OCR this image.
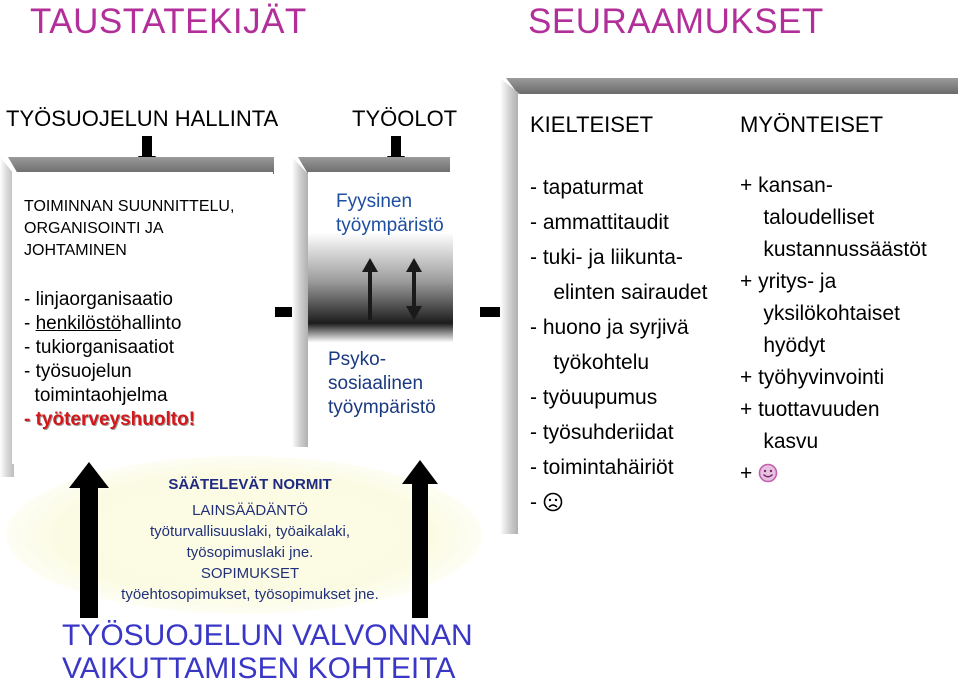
TAUSTATEKIJÄT	SEURAAMUKSET
TYÖSUOJELUN HALLINTA	TYÖOLOT
TOIMINNAN SUUNNITTELU,
ORGANISOINTI JA
JOHTAMINEN
- linjaorganisaatio
- henkilöstöhallinto
- tukiorganisaatiot
- työsuojelun
toimintaohjelma
- työterveyshuolto!
Fyysinen
työympäristö
Psyko-
sosiaalinen
työympäristö
SÄÄTELEVÄT NORMIT
LAINSÄÄDÄNTÖ
työturvallisuuslaki, työaikalaki,
työsopimuslaki jne.
SOPIMUKSET
työehtosopimukset, työsopimukset jne.
KIELTEISET	MYÖNTEISET
- tapaturmat
- ammattitaudit
- tuki- ja liikunta-
elinten sairaudet
- huono ja syrjivä
työkohtelu
- työuupumus
- työsuhderiidat
- toimintahäiriöt
-
+ kansan-
taloudelliset
kustannussäästöt
+ yritys- ja
yksilökohtaiset
hyödyt
+ työhyvinvointi
+ tuottavuuden
kasvu
+
TYÖSUOJELUN VALVONNAN
VAIKUTTAMISEN KOHTEITA
